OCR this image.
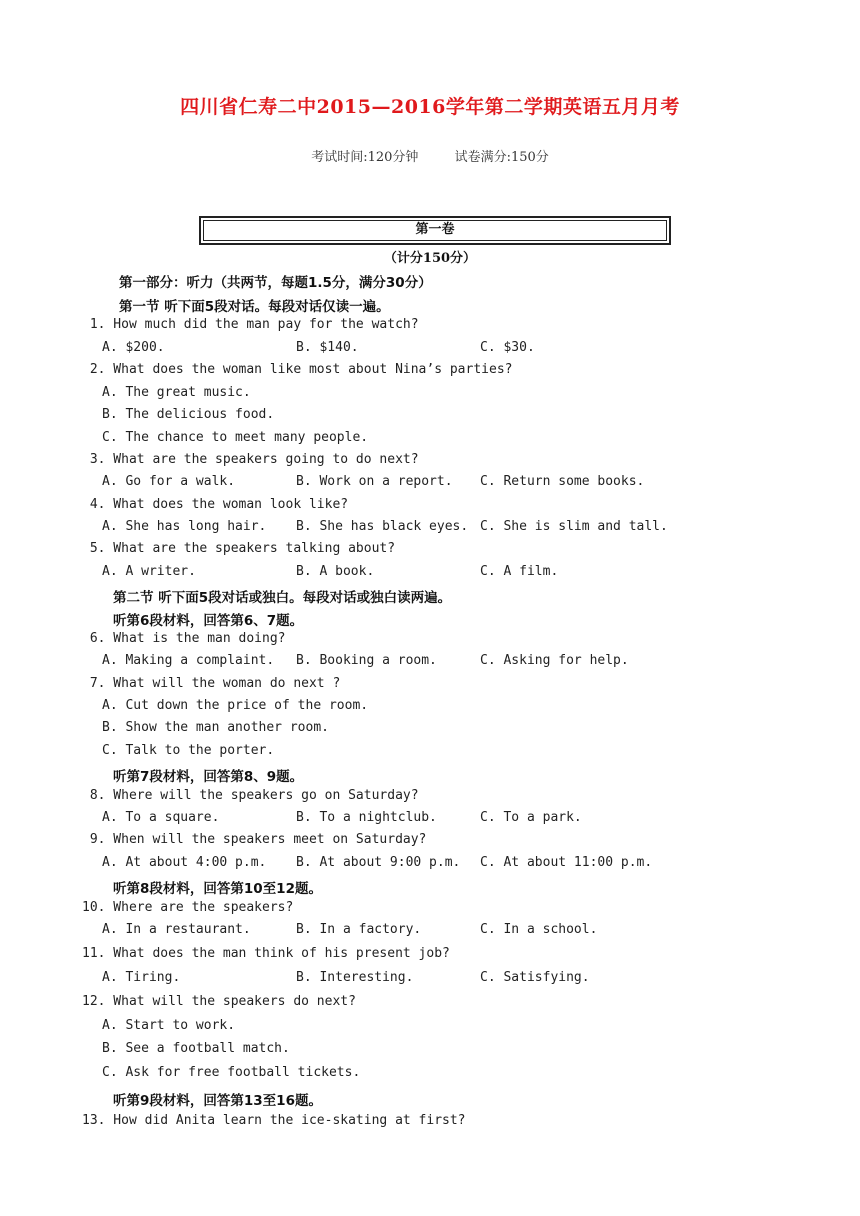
四川省仁寿二中2015—2016学年第二学期英语五月月考
考试时间:120分钟	试卷满分:150分
第一卷
（计分150分）
第一部分：听力（共两节，每题1.5分，满分30分）
第一节 听下面5段对话。每段对话仅读一遍。
1. How much did the man pay for the watch?
A. $200.	B. $140.	C. $30.
2. What does the woman like most about Nina’s parties?
A. The great music.
B. The delicious food.
C. The chance to meet many people.
3. What are the speakers going to do next?
A. Go for a walk.	B. Work on a report. C. Return some books.
4. What does the woman look like?
A. She has long hair. B. She has black eyes. C. She is slim and tall.
5. What are the speakers talking about?
A. A writer.	B. A book.	C. A film.
第二节 听下面5段对话或独白。每段对话或独白读两遍。
听第6段材料，回答第6、7题。
6. What is the man doing?
A. Making a complaint. B. Booking a room.	C. Asking for help.
7. What will the woman do next ?
A. Cut down the price of the room.
B. Show the man another room.
C. Talk to the porter.
听第7段材料，回答第8、9题。
8. Where will the speakers go on Saturday?
A. To a square.	B. To a nightclub.	C. To a park.
9. When will the speakers meet on Saturday?
A. At about 4:00 p.m. B. At about 9:00 p.m. C. At about 11:00 p.m.
听第8段材料，回答第10至12题。
10. Where are the speakers?
A. In a restaurant.	B. In a factory.	C. In a school.
11. What does the man think of his present job?
A. Tiring.	B. Interesting.	C. Satisfying.
12. What will the speakers do next?
A. Start to work.
B. See a football match.
C. Ask for free football tickets.
听第9段材料，回答第13至16题。
13. How did Anita learn the ice-skating at first?
